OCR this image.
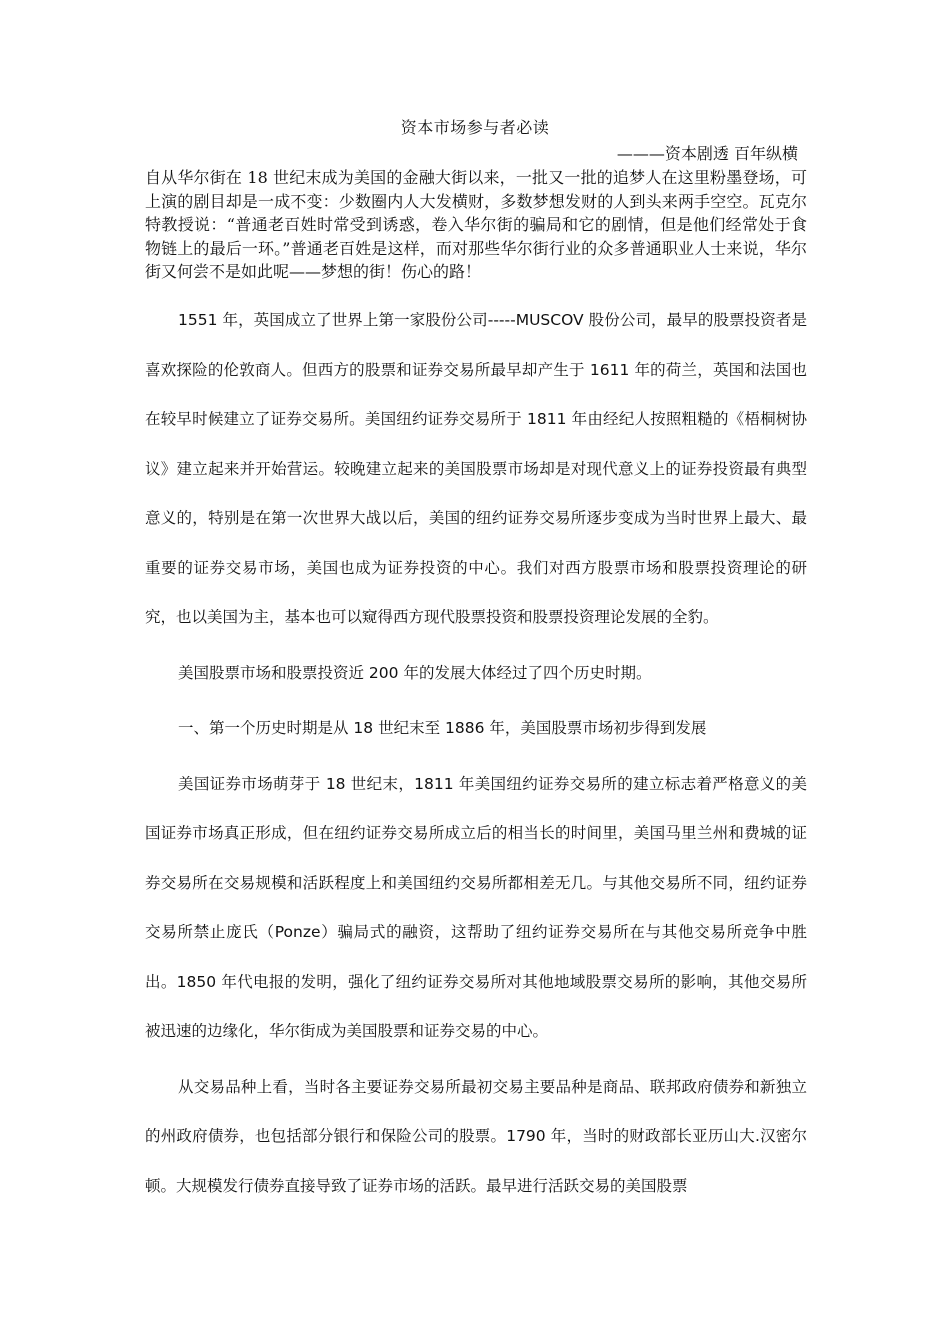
资本市场参与者必读
———资本剧透 百年纵横
自从华尔街在 18 世纪末成为美国的金融大街以来，一批又一批的追梦人在这里粉墨登场，可上演的剧目却是一成不变：少数圈内人大发横财，多数梦想发财的人到头来两手空空。瓦克尔特教授说：“普通老百姓时常受到诱惑，卷入华尔街的骗局和它的剧情，但是他们经常处于食物链上的最后一环。”普通老百姓是这样，而对那些华尔街行业的众多普通职业人士来说，华尔街又何尝不是如此呢——梦想的街！伤心的路！

1551 年，英国成立了世界上第一家股份公司-----MUSCOV 股份公司，最早的股票投资者是喜欢探险的伦敦商人。但西方的股票和证券交易所最早却产生于 1611 年的荷兰，英国和法国也在较早时候建立了证券交易所。美国纽约证券交易所于 1811 年由经纪人按照粗糙的《梧桐树协议》建立起来并开始营运。较晚建立起来的美国股票市场却是对现代意义上的证券投资最有典型意义的，特别是在第一次世界大战以后，美国的纽约证券交易所逐步变成为当时世界上最大、最重要的证券交易市场，美国也成为证券投资的中心。我们对西方股票市场和股票投资理论的研究，也以美国为主，基本也可以窥得西方现代股票投资和股票投资理论发展的全豹。

美国股票市场和股票投资近 200 年的发展大体经过了四个历史时期。

一、第一个历史时期是从 18 世纪末至 1886 年，美国股票市场初步得到发展

美国证券市场萌芽于 18 世纪末，1811 年美国纽约证券交易所的建立标志着严格意义的美国证券市场真正形成，但在纽约证券交易所成立后的相当长的时间里，美国马里兰州和费城的证券交易所在交易规模和活跃程度上和美国纽约交易所都相差无几。与其他交易所不同，纽约证券交易所禁止庞氏（Ponze）骗局式的融资，这帮助了纽约证券交易所在与其他交易所竞争中胜出。1850 年代电报的发明，强化了纽约证券交易所对其他地域股票交易所的影响，其他交易所被迅速的边缘化，华尔街成为美国股票和证券交易的中心。

从交易品种上看，当时各主要证券交易所最初交易主要品种是商品、联邦政府债券和新独立的州政府债券，也包括部分银行和保险公司的股票。1790 年，当时的财政部长亚历山大.汉密尔顿。大规模发行债券直接导致了证券市场的活跃。最早进行活跃交易的美国股票
